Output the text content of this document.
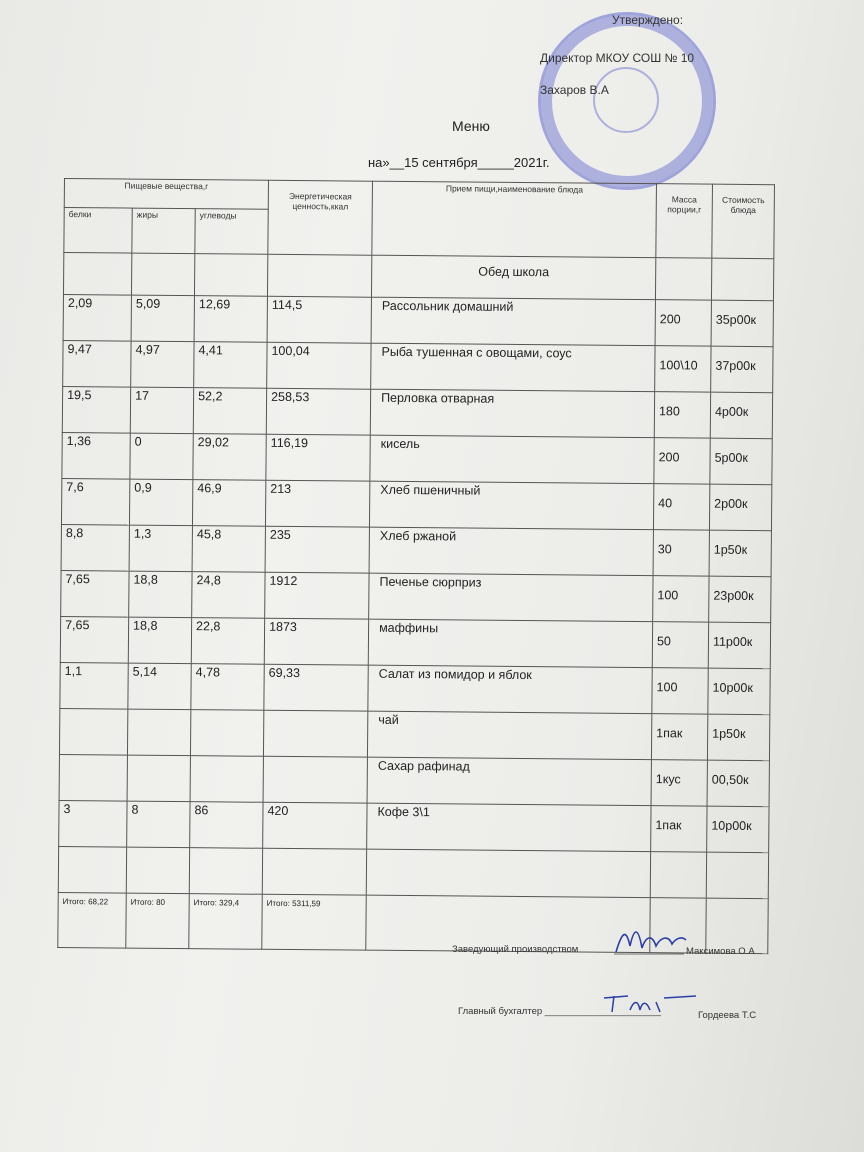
Утверждено:
Директор МКОУ СОШ № 10
Захаров В.А
Меню
на»__15 сентября_____2021г.
Пищевые вещества,г			Энергетическая ценность,ккал	Прием пищи,наименование блюда	Масса порции,г	Стоимость блюда
белки	жиры	углеводы				
				Обед школа		
2,09	5,09	12,69	114,5	Рассольник домашний	200	35р00к
9,47	4,97	4,41	100,04	Рыба тушенная с овощами, соус	100\10	37р00к
19,5	17	52,2	258,53	Перловка отварная	180	4р00к
1,36	0	29,02	116,19	кисель	200	5р00к
7,6	0,9	46,9	213	Хлеб пшеничный	40	2р00к
8,8	1,3	45,8	235	Хлеб ржаной	30	1р50к
7,65	18,8	24,8	1912	Печенье сюрприз	100	23р00к
7,65	18,8	22,8	1873	маффины	50	11р00к
1,1	5,14	4,78	69,33	Салат из помидор и яблок	100	10р00к
				чай	1пак	1р50к
				Сахар рафинад	1кус	00,50к
3	8	86	420	Кофе 3\1	1пак	10р00к

Итого: 68,22	Итого: 80	Итого: 329,4	Итого: 5311,59			
Заведующий производством	Максимова О.А
Главный бухгалтер ______________________	Гордеева Т.С
